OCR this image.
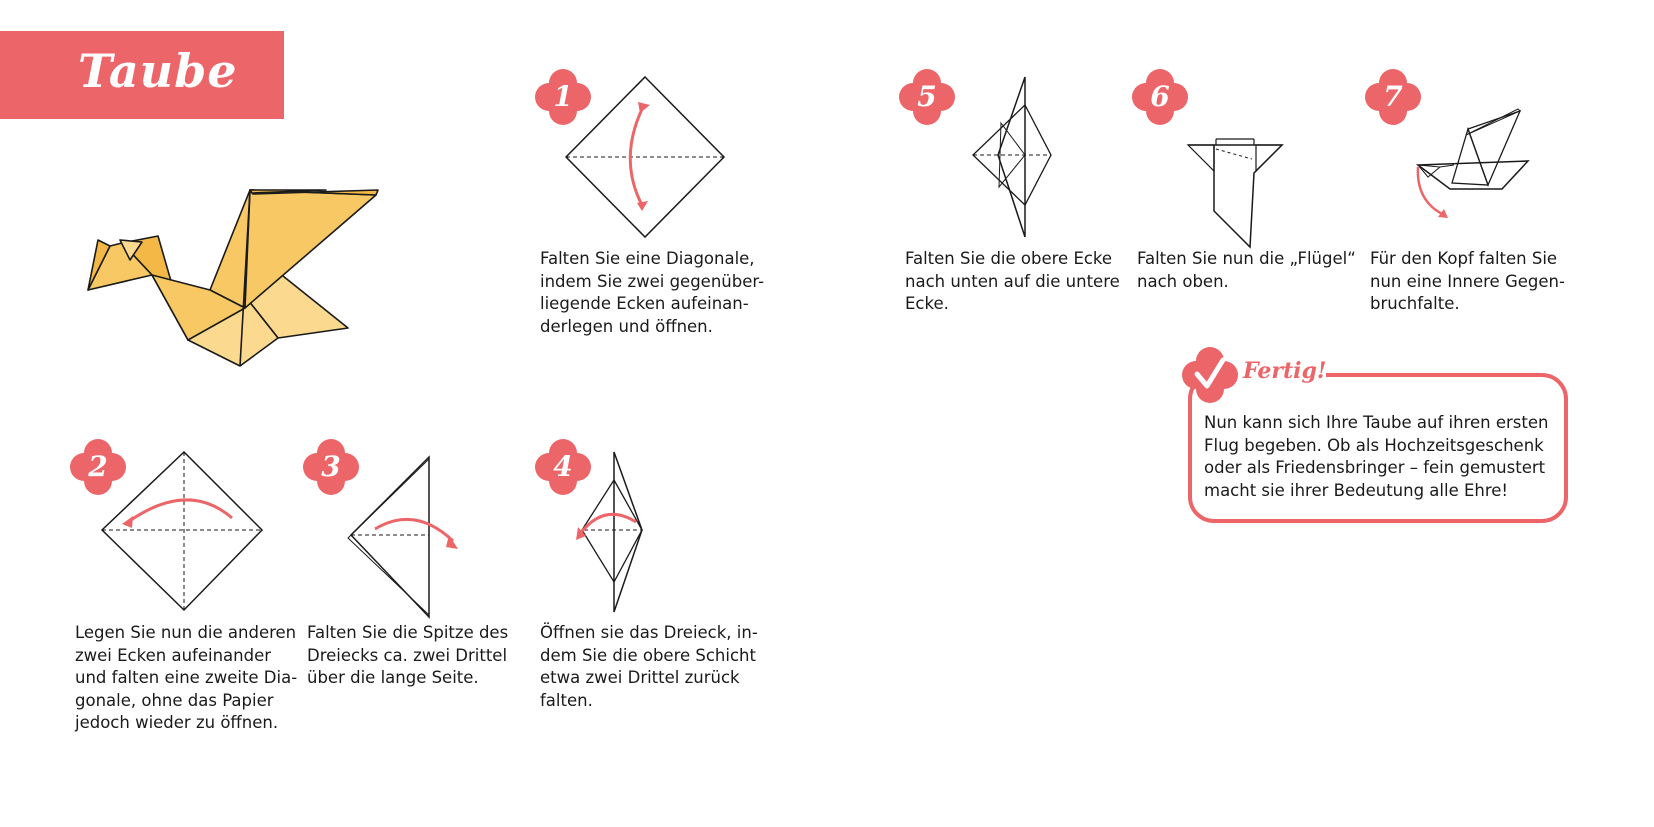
Taube	1
Falten Sie eine Diagonale,
indem Sie zwei gegenüber-
liegende Ecken aufeinan-
derlegen und öffnen.
2
Legen Sie nun die anderen
zwei Ecken aufeinander
und falten eine zweite Dia-
gonale, ohne das Papier
jedoch wieder zu öffnen.
3
Falten Sie die Spitze des
Dreiecks ca. zwei Drittel
über die lange Seite.
4
Öffnen sie das Dreieck, in-
dem Sie die obere Schicht
etwa zwei Drittel zurück
falten.
5
Falten Sie die obere Ecke
nach unten auf die untere
Ecke.
6
Falten Sie nun die „Flügel“
nach oben.
7
Für den Kopf falten Sie
nun eine Innere Gegen-
bruchfalte.
Fertig!
Nun kann sich Ihre Taube auf ihren ersten
Flug begeben. Ob als Hochzeitsgeschenk
oder als Friedensbringer – fein gemustert
macht sie ihrer Bedeutung alle Ehre!
